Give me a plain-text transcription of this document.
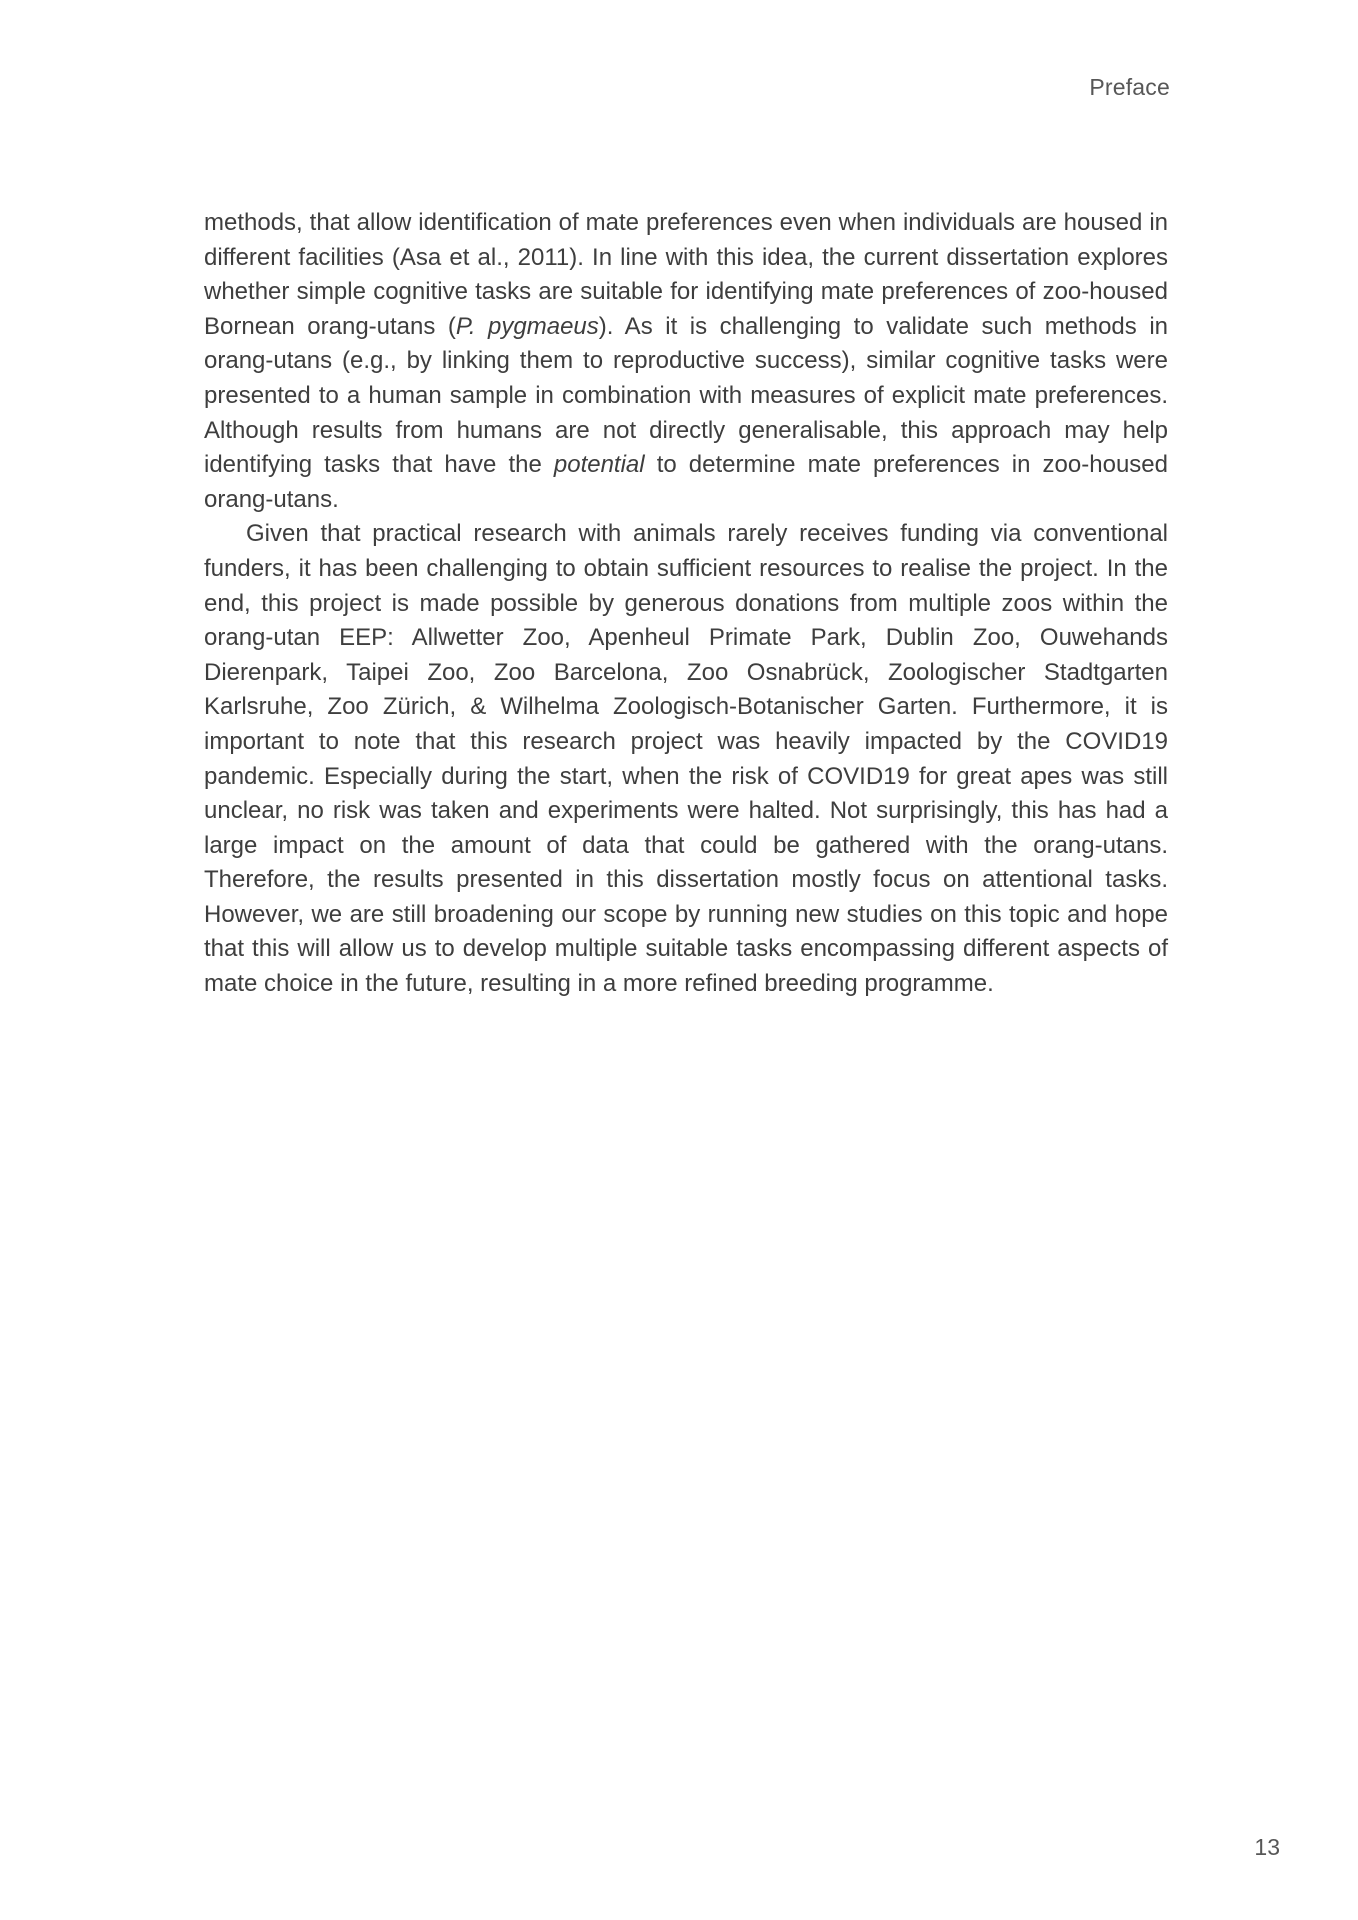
Preface

methods, that allow identification of mate preferences even when individuals are housed in different facilities (Asa et al., 2011). In line with this idea, the current dissertation explores whether simple cognitive tasks are suitable for identifying mate preferences of zoo-housed Bornean orang-utans (P. pygmaeus). As it is challenging to validate such methods in orang-utans (e.g., by linking them to reproductive success), similar cognitive tasks were presented to a human sample in combination with measures of explicit mate preferences. Although results from humans are not directly generalisable, this approach may help identifying tasks that have the potential to determine mate preferences in zoo-housed orang-utans.

Given that practical research with animals rarely receives funding via conventional funders, it has been challenging to obtain sufficient resources to realise the project. In the end, this project is made possible by generous donations from multiple zoos within the orang-utan EEP: Allwetter Zoo, Apenheul Primate Park, Dublin Zoo, Ouwehands Dierenpark, Taipei Zoo, Zoo Barcelona, Zoo Osnabrück, Zoologischer Stadtgarten Karlsruhe, Zoo Zürich, & Wilhelma Zoologisch-Botanischer Garten. Furthermore, it is important to note that this research project was heavily impacted by the COVID19 pandemic. Especially during the start, when the risk of COVID19 for great apes was still unclear, no risk was taken and experiments were halted. Not surprisingly, this has had a large impact on the amount of data that could be gathered with the orang-utans. Therefore, the results presented in this dissertation mostly focus on attentional tasks. However, we are still broadening our scope by running new studies on this topic and hope that this will allow us to develop multiple suitable tasks encompassing different aspects of mate choice in the future, resulting in a more refined breeding programme.

13
